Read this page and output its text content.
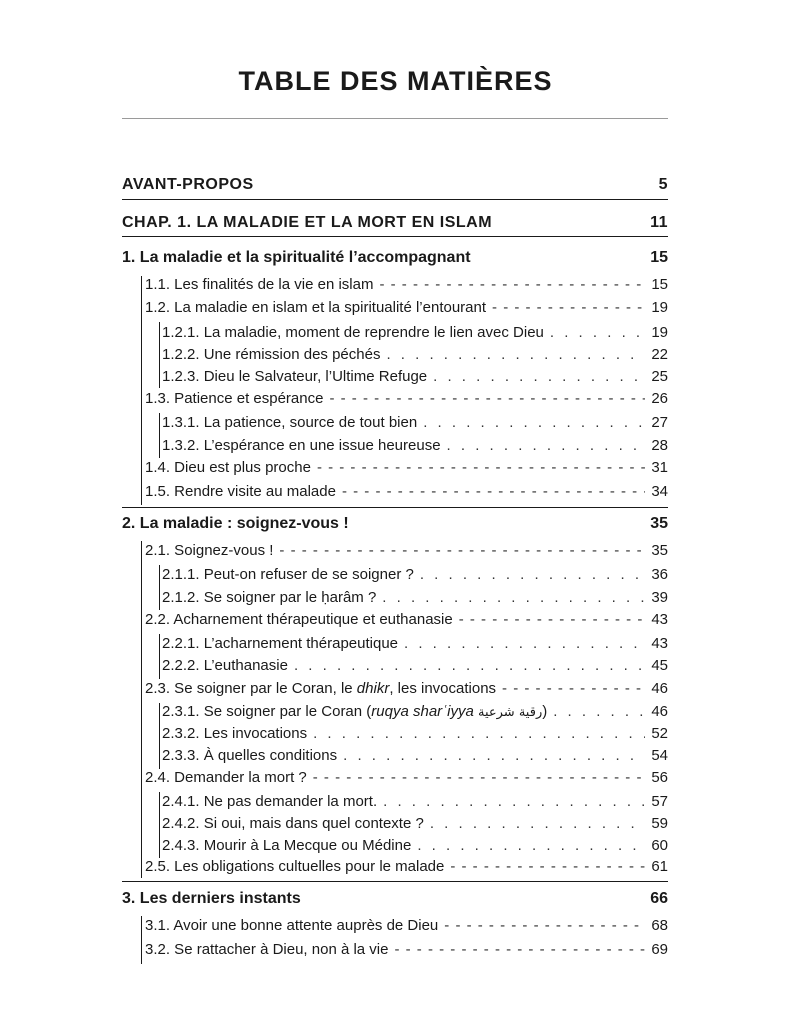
TABLE DES MATIÈRES
AVANT-PROPOS	5
CHAP. 1. LA MALADIE ET LA MORT EN ISLAM	11
1. La maladie et la spiritualité l’accompagnant	15
1.1. Les finalités de la vie en islam - - -	15
1.2. La maladie en islam et la spiritualité l’entourant - - -	19
1.2.1. La maladie, moment de reprendre le lien avec Dieu . . .	19
1.2.2. Une rémission des péchés . . .	22
1.2.3. Dieu le Salvateur, l’Ultime Refuge . . .	25
1.3. Patience et espérance - - -	26
1.3.1. La patience, source de tout bien . . .	27
1.3.2. L’espérance en une issue heureuse . . .	28
1.4. Dieu est plus proche - - -	31
1.5. Rendre visite au malade - - -	34
2. La maladie : soignez-vous !	35
2.1. Soignez-vous ! - - -	35
2.1.1. Peut-on refuser de se soigner ? . . .	36
2.1.2. Se soigner par le ḥarâm ? . . .	39
2.2. Acharnement thérapeutique et euthanasie - - -	43
2.2.1. L’acharnement thérapeutique . . .	43
2.2.2. L’euthanasie . . .	45
2.3. Se soigner par le Coran, le dhikr, les invocations - - -	46
2.3.1. Se soigner par le Coran (ruqya sharʿiyya رقية شرعية) . . .	46
2.3.2. Les invocations . . .	52
2.3.3. À quelles conditions . . .	54
2.4. Demander la mort ? - - -	56
2.4.1. Ne pas demander la mort. . . .	57
2.4.2. Si oui, mais dans quel contexte ? . . .	59
2.4.3. Mourir à La Mecque ou Médine . . .	60
2.5. Les obligations cultuelles pour le malade - - -	61
3. Les derniers instants	66
3.1. Avoir une bonne attente auprès de Dieu - - -	68
3.2. Se rattacher à Dieu, non à la vie - - -	69
